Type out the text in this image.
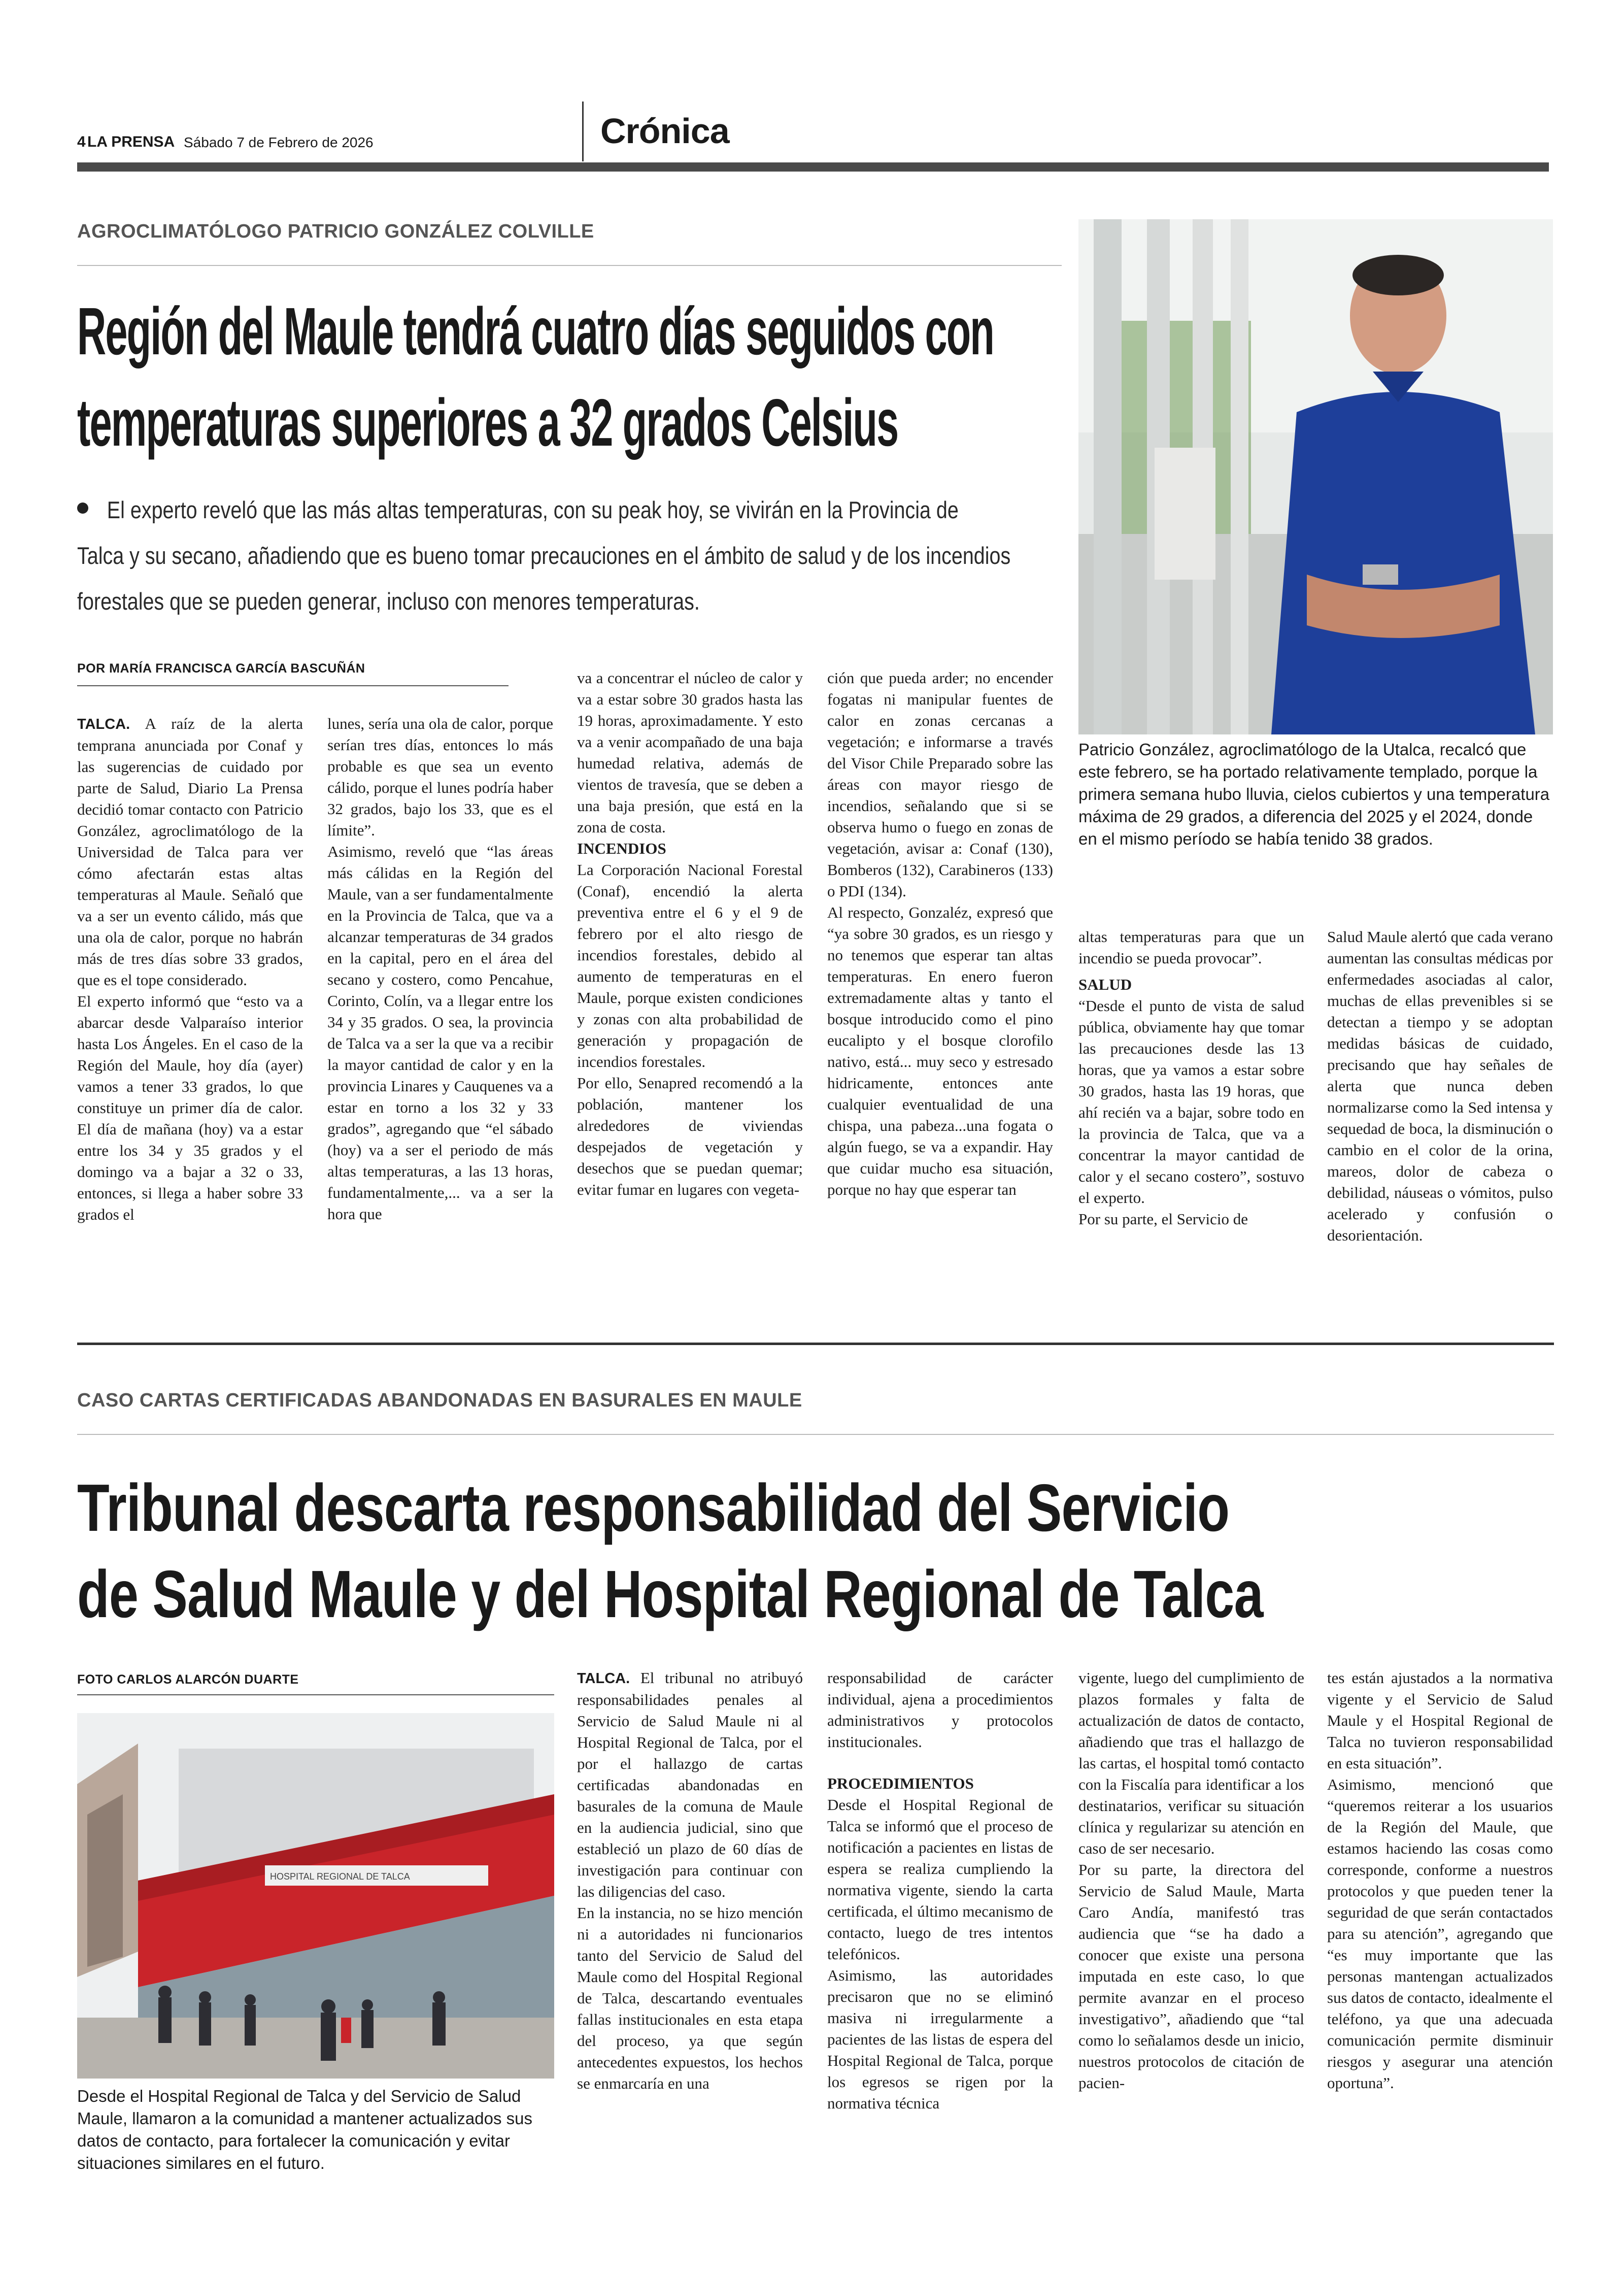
4 LA PRENSA Sábado 7 de Febrero de 2026	Crónica
AGROCLIMATÓLOGO PATRICIO GONZÁLEZ COLVILLE
Región del Maule tendrá cuatro días seguidos con
temperaturas superiores a 32 grados Celsius
El experto reveló que las más altas temperaturas, con su peak hoy, se vivirán en la Provincia de
Talca y su secano, añadiendo que es bueno tomar precauciones en el ámbito de salud y de los incendios
forestales que se pueden generar, incluso con menores temperaturas.
POR MARÍA FRANCISCA GARCÍA BASCUÑÁN
Patricio González, agroclimatólogo de la Utalca, recalcó que este febrero, se ha portado relativamente templado, porque la primera semana hubo lluvia, cielos cubiertos y una temperatura máxima de 29 grados, a diferencia del 2025 y el 2024, donde en el mismo período se había tenido 38 grados.

TALCA. A raíz de la alerta temprana anunciada por Conaf y las sugerencias de cuidado por parte de Salud, Diario La Prensa decidió tomar contacto con Patricio González, agroclimatólogo de la Universidad de Talca para ver cómo afectarán estas altas temperaturas al Maule. Señaló que va a ser un evento cálido, más que una ola de calor, porque no habrán más de tres días sobre 33 grados, que es el tope considerado.

El experto informó que “esto va a abarcar desde Valparaíso interior hasta Los Ángeles. En el caso de la Región del Maule, hoy día (ayer) vamos a tener 33 grados, lo que constituye un primer día de calor. El día de mañana (hoy) va a estar entre los 34 y 35 grados y el domingo va a bajar a 32 o 33, entonces, si llega a haber sobre 33 grados el

lunes, sería una ola de calor, porque serían tres días, entonces lo más probable es que sea un evento cálido, porque el lunes podría haber 32 grados, bajo los 33, que es el límite”.

Asimismo, reveló que “las áreas más cálidas en la Región del Maule, van a ser fundamentalmente en la Provincia de Talca, que va a alcanzar temperaturas de 34 grados en la capital, pero en el área del secano y costero, como Pencahue, Corinto, Colín, va a llegar entre los 34 y 35 grados. O sea, la provincia de Talca va a ser la que va a recibir la mayor cantidad de calor y en la provincia Linares y Cauquenes va a estar en torno a los 32 y 33 grados”, agregando que “el sábado (hoy) va a ser el periodo de más altas temperaturas, a las 13 horas, fundamentalmente,... va a ser la hora que

va a concentrar el núcleo de calor y va a estar sobre 30 grados hasta las 19 horas, aproximadamente. Y esto va a venir acompañado de una baja humedad relativa, además de vientos de travesía, que se deben a una baja presión, que está en la zona de costa.

INCENDIOS

La Corporación Nacional Forestal (Conaf), encendió la alerta preventiva entre el 6 y el 9 de febrero por el alto riesgo de incendios forestales, debido al aumento de temperaturas en el Maule, porque existen condiciones y zonas con alta probabilidad de generación y propagación de incendios forestales.

Por ello, Senapred recomendó a la población, mantener los alrededores de viviendas despejados de vegetación y desechos que se puedan quemar; evitar fumar en lugares con vegeta-

ción que pueda arder; no encender fogatas ni manipular fuentes de calor en zonas cercanas a vegetación; e informarse a través del Visor Chile Preparado sobre las áreas con mayor riesgo de incendios, señalando que si se observa humo o fuego en zonas de vegetación, avisar a: Conaf (130), Bomberos (132), Carabineros (133) o PDI (134).

Al respecto, Gonzaléz, expresó que “ya sobre 30 grados, es un riesgo y no tenemos que esperar tan altas temperaturas. En enero fueron extremadamente altas y tanto el bosque introducido como el pino eucalipto y el bosque clorofilo nativo, está... muy seco y estresado hidricamente, entonces ante cualquier eventualidad de una chispa, una pabeza...una fogata o algún fuego, se va a expandir. Hay que cuidar mucho esa situación, porque no hay que esperar tan

altas temperaturas para que un incendio se pueda provocar”.

SALUD

“Desde el punto de vista de salud pública, obviamente hay que tomar las precauciones desde las 13 horas, que ya vamos a estar sobre 30 grados, hasta las 19 horas, que ahí recién va a bajar, sobre todo en la provincia de Talca, que va a concentrar la mayor cantidad de calor y el secano costero”, sostuvo el experto.

Por su parte, el Servicio de

Salud Maule alertó que cada verano aumentan las consultas médicas por enfermedades asociadas al calor, muchas de ellas prevenibles si se detectan a tiempo y se adoptan medidas básicas de cuidado, precisando que hay señales de alerta que nunca deben normalizarse como la Sed intensa y sequedad de boca, la disminución o cambio en el color de la orina, mareos, dolor de cabeza o debilidad, náuseas o vómitos, pulso acelerado y confusión o desorientación.

CASO CARTAS CERTIFICADAS ABANDONADAS EN BASURALES EN MAULE
Tribunal descarta responsabilidad del Servicio
de Salud Maule y del Hospital Regional de Talca
FOTO CARLOS ALARCÓN DUARTE
HOSPITAL REGIONAL DE TALCA
Desde el Hospital Regional de Talca y del Servicio de Salud Maule, llamaron a la comunidad a mantener actualizados sus datos de contacto, para fortalecer la comunicación y evitar situaciones similares en el futuro.

TALCA. El tribunal no atribuyó responsabilidades penales al Servicio de Salud Maule ni al Hospital Regional de Talca, por el por el hallazgo de cartas certificadas abandonadas en basurales de la comuna de Maule en la audiencia judicial, sino que estableció un plazo de 60 días de investigación para continuar con las diligencias del caso.

En la instancia, no se hizo mención ni a autoridades ni funcionarios tanto del Servicio de Salud del Maule como del Hospital Regional de Talca, descartando eventuales fallas institucionales en esta etapa del proceso, ya que según antecedentes expuestos, los hechos se enmarcaría en una

responsabilidad de carácter individual, ajena a procedimientos administrativos y protocolos institucionales.

PROCEDIMIENTOS

Desde el Hospital Regional de Talca se informó que el proceso de notificación a pacientes en listas de espera se realiza cumpliendo la normativa vigente, siendo la carta certificada, el último mecanismo de contacto, luego de tres intentos telefónicos.

Asimismo, las autoridades precisaron que no se eliminó masiva ni irregularmente a pacientes de las listas de espera del Hospital Regional de Talca, porque los egresos se rigen por la normativa técnica

vigente, luego del cumplimiento de plazos formales y falta de actualización de datos de contacto, añadiendo que tras el hallazgo de las cartas, el hospital tomó contacto con la Fiscalía para identificar a los destinatarios, verificar su situación clínica y regularizar su atención en caso de ser necesario.

Por su parte, la directora del Servicio de Salud Maule, Marta Caro Andía, manifestó tras audiencia que “se ha dado a conocer que existe una persona imputada en este caso, lo que permite avanzar en el proceso investigativo”, añadiendo que “tal como lo señalamos desde un inicio, nuestros protocolos de citación de pacien-

tes están ajustados a la normativa vigente y el Servicio de Salud Maule y el Hospital Regional de Talca no tuvieron responsabilidad en esta situación”.

Asimismo, mencionó que “queremos reiterar a los usuarios de la Región del Maule, que estamos haciendo las cosas como corresponde, conforme a nuestros protocolos y que pueden tener la seguridad de que serán contactados para su atención”, agregando que “es muy importante que las personas mantengan actualizados sus datos de contacto, idealmente el teléfono, ya que una adecuada comunicación permite disminuir riesgos y asegurar una atención oportuna”.
